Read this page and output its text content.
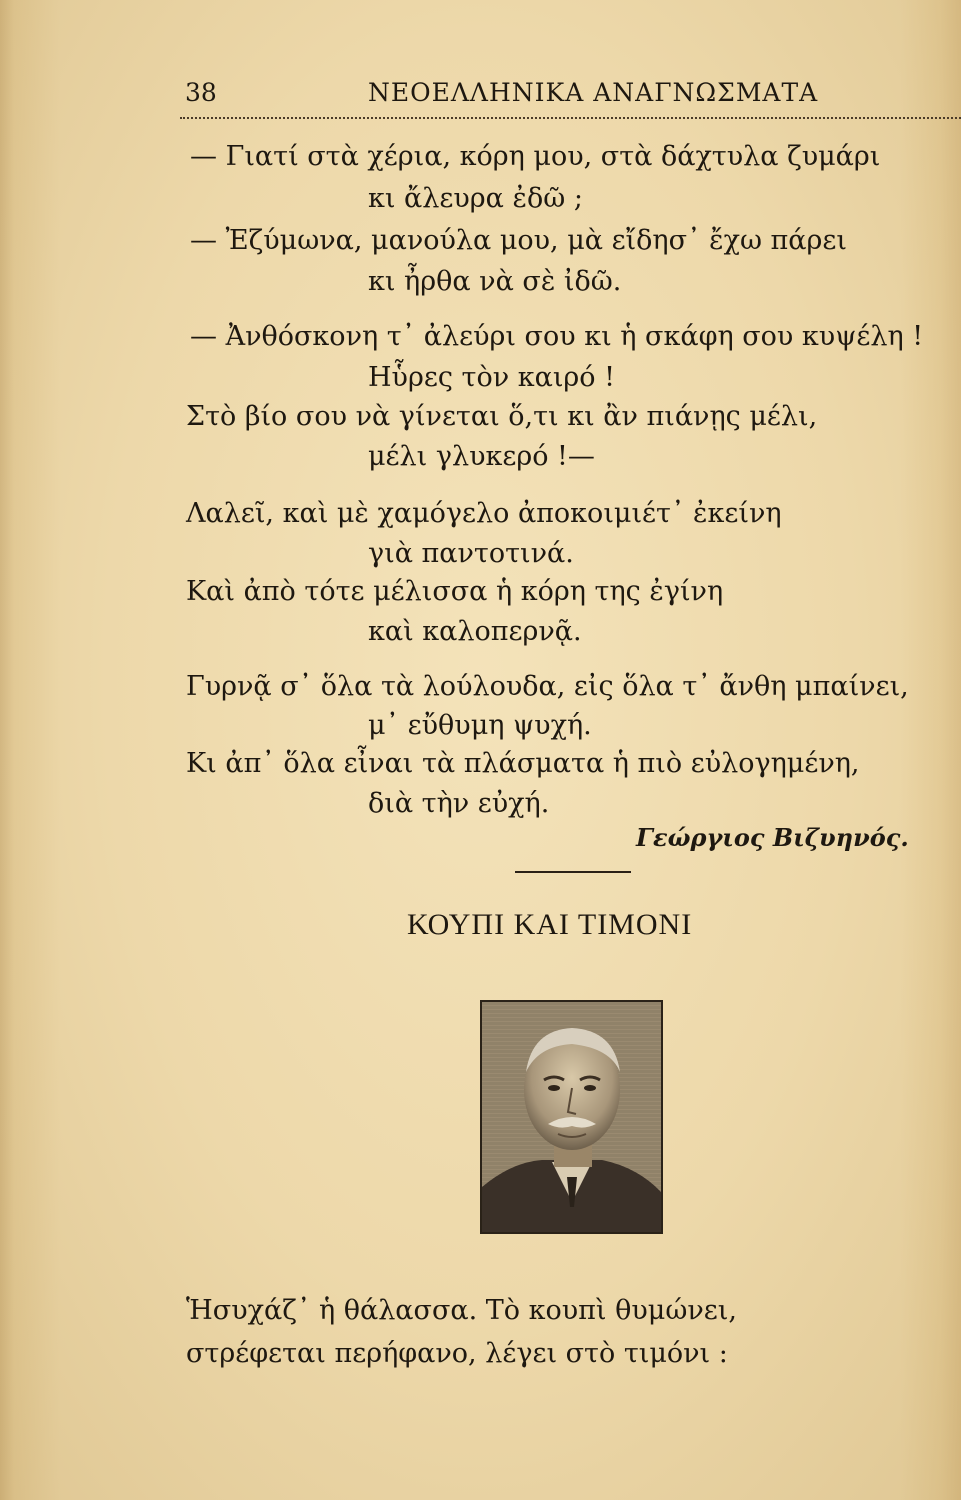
38	ΝΕΟΕΛΛΗΝΙΚΑ ΑΝΑΓΝΩΣΜΑΤΑ
— Γιατί στὰ χέρια, κόρη μου, στὰ δάχτυλα ζυμάρι
κι ἄλευρα ἐδῶ ;
— Ἐζύμωνα, μανούλα μου, μὰ εἴδησ᾽ ἔχω πάρει
κι ἦρθα νὰ σὲ ἰδῶ.
— Ἀνθόσκονη τ᾽ ἀλεύρι σου κι ἡ σκάφη σου κυψέλη !
Ηὗρες τὸν καιρό !
Στὸ βίο σου νὰ γίνεται ὅ,τι κι ἂν πιάνῃς μέλι,
μέλι γλυκερό !—
Λαλεῖ, καὶ μὲ χαμόγελο ἀποκοιμιέτ᾽ ἐκείνη
γιὰ παντοτινά.
Καὶ ἀπὸ τότε μέλισσα ἡ κόρη της ἐγίνη
καὶ καλοπερνᾷ.
Γυρνᾷ σ᾽ ὅλα τὰ λούλουδα, εἰς ὅλα τ᾽ ἄνθη μπαίνει,
μ᾽ εὔθυμη ψυχή.
Κι ἀπ᾽ ὅλα εἶναι τὰ πλάσματα ἡ πιὸ εὐλογημένη,
διὰ τὴν εὐχή.
Γεώργιος Βιζυηνός.
ΚΟΥΠΙ ΚΑΙ ΤΙΜΟΝΙ
Ἡσυχάζ᾽ ἡ θάλασσα. Τὸ κουπὶ θυμώνει,
στρέφεται περήφανο, λέγει στὸ τιμόνι :
